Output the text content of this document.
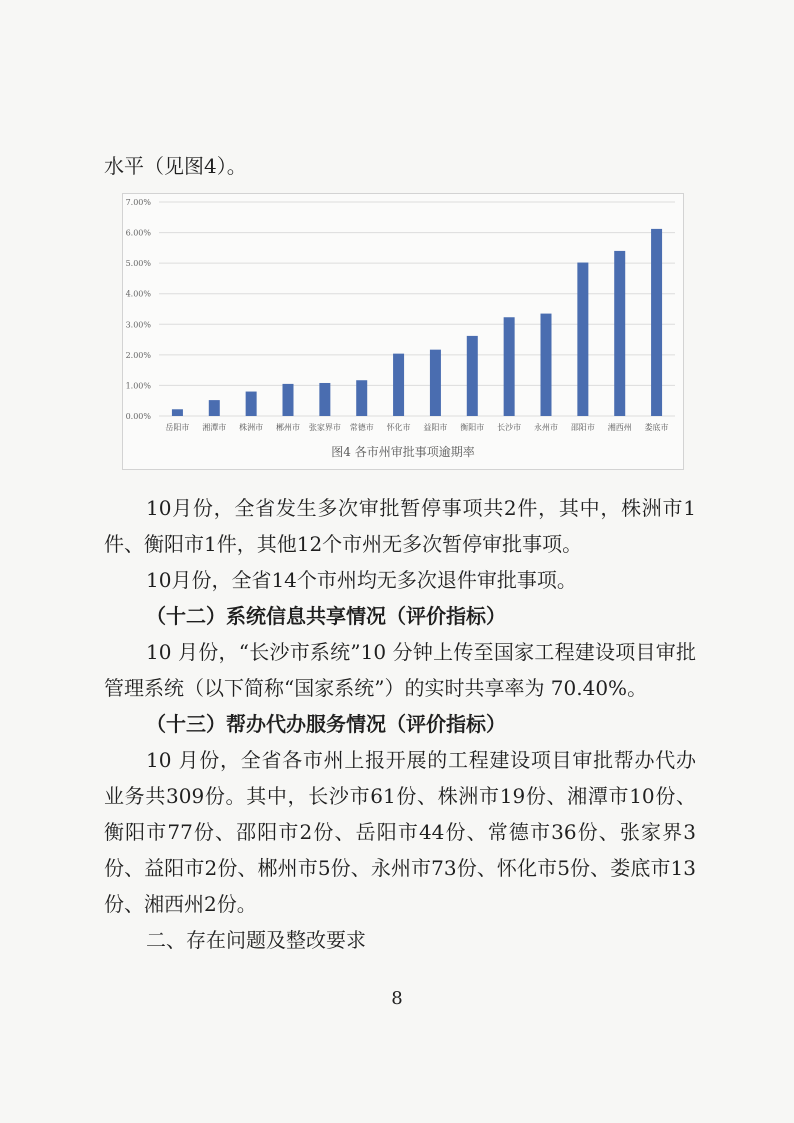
水平（见图4）。

0.00%
1.00%
2.00%
3.00%
4.00%
5.00%
6.00%
7.00%
岳阳市 湘潭市 株洲市 郴州市 张家界市 常德市 怀化市 益阳市 衡阳市 长沙市 永州市 邵阳市 湘西州 娄底市
图4 各市州审批事项逾期率

10月份，全省发生多次审批暂停事项共2件，其中，株洲市1件、衡阳市1件，其他12个市州无多次暂停审批事项。

10月份，全省14个市州均无多次退件审批事项。

（十二）系统信息共享情况（评价指标）

10 月份，“长沙市系统”10 分钟上传至国家工程建设项目审批管理系统（以下简称“国家系统”）的实时共享率为 70.40%。

（十三）帮办代办服务情况（评价指标）

10 月份，全省各市州上报开展的工程建设项目审批帮办代办业务共309份。其中，长沙市61份、株洲市19份、湘潭市10份、衡阳市77份、邵阳市2份、岳阳市44份、常德市36份、张家界3份、益阳市2份、郴州市5份、永州市73份、怀化市5份、娄底市13份、湘西州2份。

二、存在问题及整改要求

8
